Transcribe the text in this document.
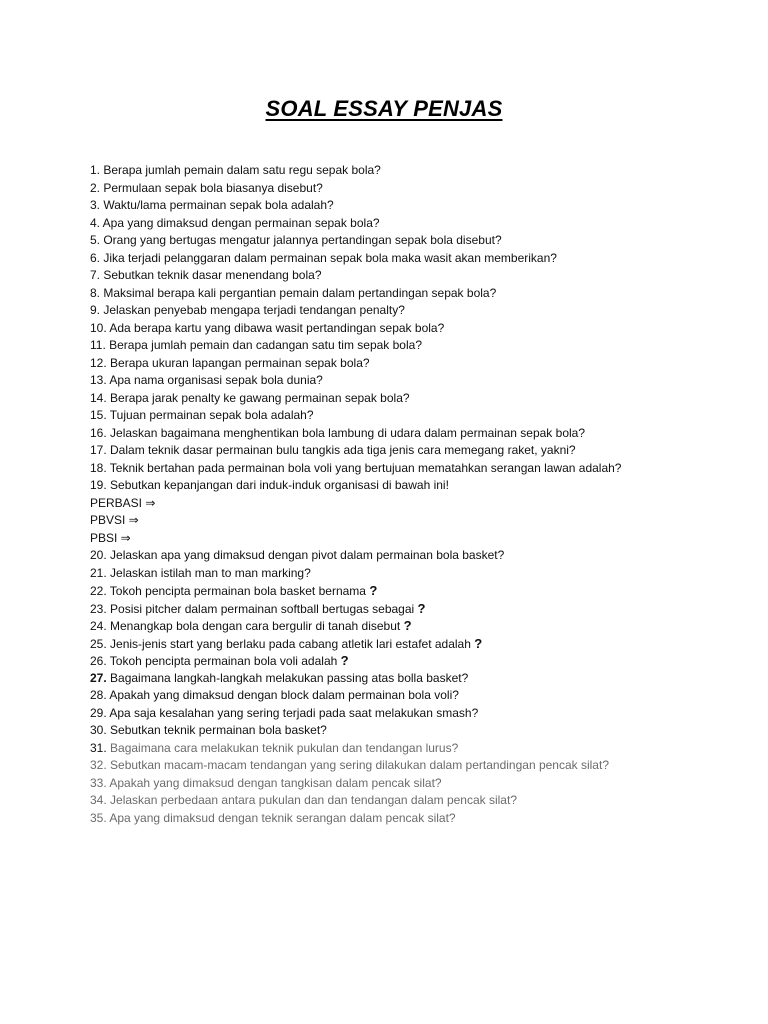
SOAL ESSAY PENJAS
1. Berapa jumlah pemain dalam satu regu sepak bola?
2. Permulaan sepak bola biasanya disebut?
3. Waktu/lama permainan sepak bola adalah?
4. Apa yang dimaksud dengan permainan sepak bola?
5. Orang yang bertugas mengatur jalannya pertandingan sepak bola disebut?
6. Jika terjadi pelanggaran dalam permainan sepak bola maka wasit akan memberikan?
7. Sebutkan teknik dasar menendang bola?
8. Maksimal berapa kali pergantian pemain dalam pertandingan sepak bola?
9. Jelaskan penyebab mengapa terjadi tendangan penalty?
10. Ada berapa kartu yang dibawa wasit pertandingan sepak bola?
11. Berapa jumlah pemain dan cadangan satu tim sepak bola?
12. Berapa ukuran lapangan permainan sepak bola?
13. Apa nama organisasi sepak bola dunia?
14. Berapa jarak penalty ke gawang permainan sepak bola?
15. Tujuan permainan sepak bola adalah?
16. Jelaskan bagaimana menghentikan bola lambung di udara dalam permainan sepak bola?
17. Dalam teknik dasar permainan bulu tangkis ada tiga jenis cara memegang raket, yakni?
18. Teknik bertahan pada permainan bola voli yang bertujuan mematahkan serangan lawan adalah?
19. Sebutkan kepanjangan dari induk-induk organisasi di bawah ini!
PERBASI ⇒
PBVSI ⇒
PBSI ⇒
20. Jelaskan apa yang dimaksud dengan pivot dalam permainan bola basket?
21. Jelaskan istilah man to man marking?
22. Tokoh pencipta permainan bola basket bernama ?
23. Posisi pitcher dalam permainan softball bertugas sebagai ?
24. Menangkap bola dengan cara bergulir di tanah disebut ?
25. Jenis-jenis start yang berlaku pada cabang atletik lari estafet adalah ?
26. Tokoh pencipta permainan bola voli adalah ?
27. Bagaimana langkah-langkah melakukan passing atas bolla basket?
28. Apakah yang dimaksud dengan block dalam permainan bola voli?
29. Apa saja kesalahan yang sering terjadi pada saat melakukan smash?
30. Sebutkan teknik permainan bola basket?
31. Bagaimana cara melakukan teknik pukulan dan tendangan lurus?
32. Sebutkan macam-macam tendangan yang sering dilakukan dalam pertandingan pencak silat?
33. Apakah yang dimaksud dengan tangkisan dalam pencak silat?
34. Jelaskan perbedaan antara pukulan dan dan tendangan dalam pencak silat?
35. Apa yang dimaksud dengan teknik serangan dalam pencak silat?
